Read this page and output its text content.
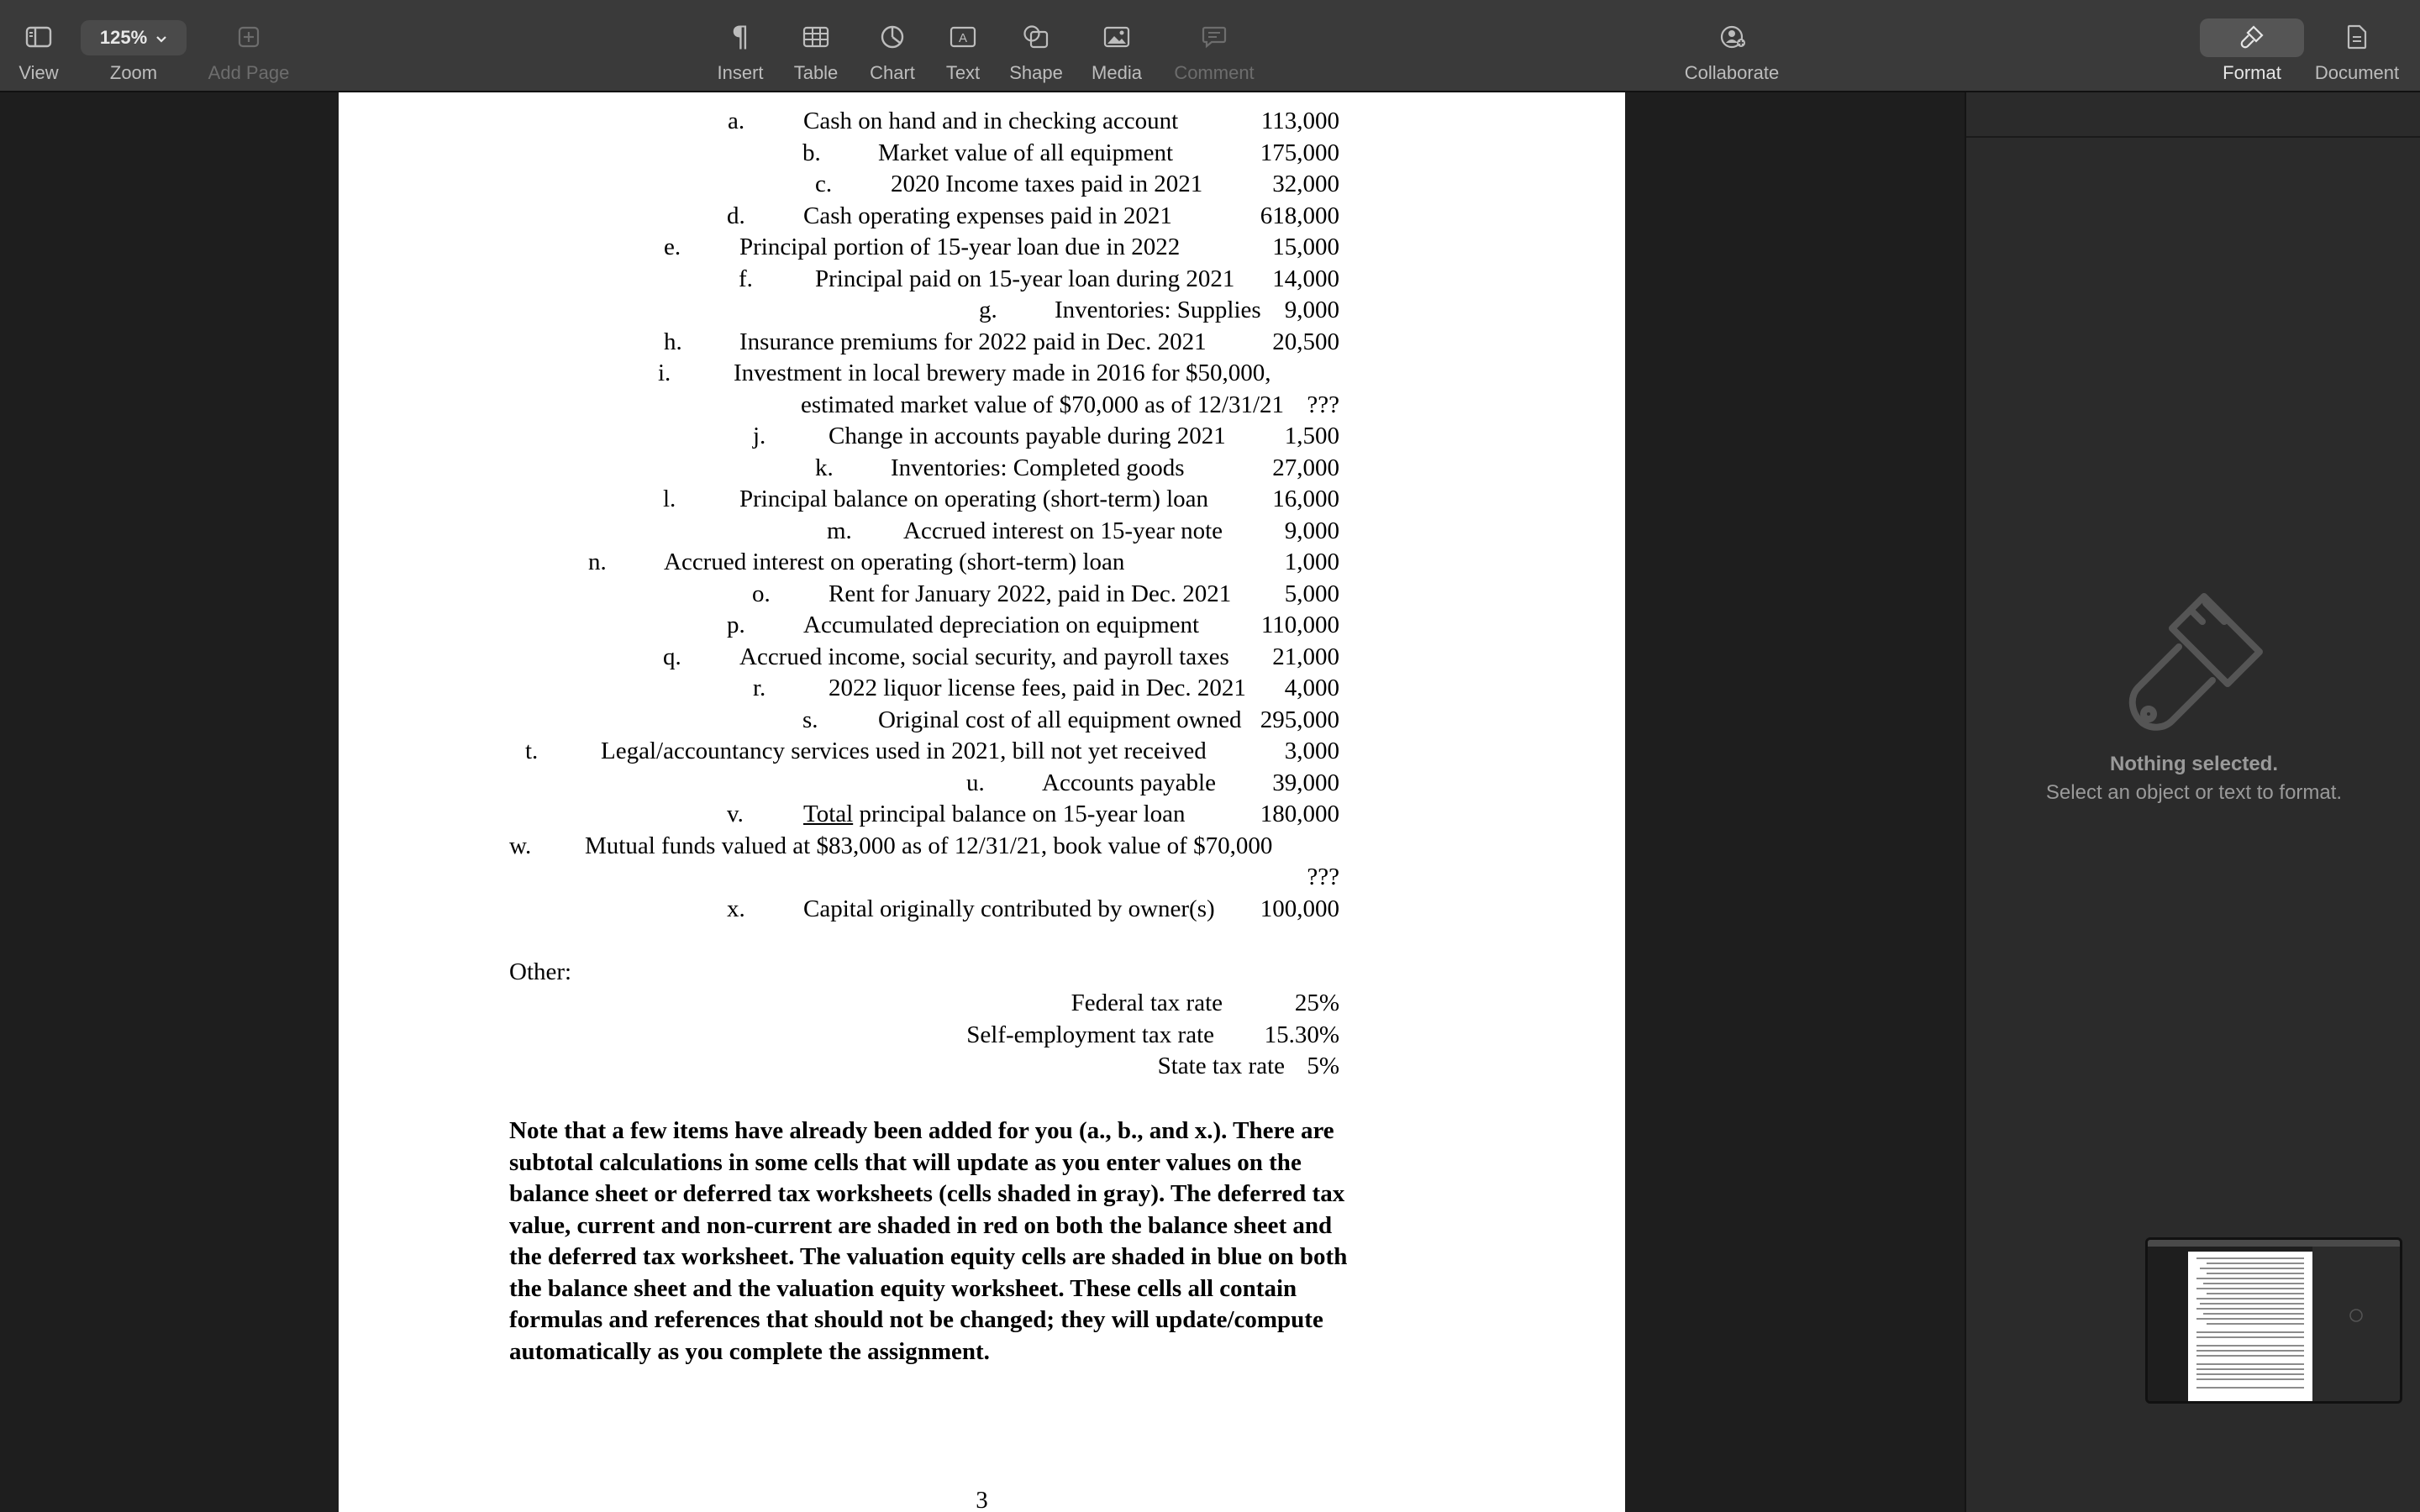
View
125%
Zoom	Add Page
¶
Insert Table Chart
A
Text Shape Media Comment	Collaborate	Format Document
a. Cash on hand and in checking account	113,000
b. Market value of all equipment	175,000
c. 2020 Income taxes paid in 2021	32,000
d. Cash operating expenses paid in 2021	618,000
e. Principal portion of 15-year loan due in 2022	15,000
f.	Principal paid on 15-year loan during 2021 14,000
g. Inventories: Supplies 9,000
h. Insurance premiums for 2022 paid in Dec. 2021	20,500
i.	Investment in local brewery made in 2016 for $50,000,
estimated market value of $70,000 as of 12/31/21 ???
j.	Change in accounts payable during 2021 1,500
k. Inventories: Completed goods	27,000
l.	Principal balance on operating (short-term) loan	16,000
m. Accrued interest on 15-year note	9,000
n. Accrued interest on operating (short-term) loan	1,000
o. Rent for January 2022, paid in Dec. 2021 5,000
p. Accumulated depreciation on equipment	110,000
q. Accrued income, social security, and payroll taxes 21,000
r.	2022 liquor license fees, paid in Dec. 2021 4,000
s. Original cost of all equipment owned 295,000
t.	Legal/accountancy services used in 2021, bill not yet received	3,000
u. Accounts payable 39,000
v. Total principal balance on 15-year loan	180,000
w. Mutual funds valued at $83,000 as of 12/31/21, book value of $70,000
???
x. Capital originally contributed by owner(s) 100,000
Other:
Federal tax rate	25%
Self-employment tax rate 15.30%
State tax rate 5%
Note that a few items have already been added for you (a., b., and x.). There are subtotal calculations in some cells that will update as you enter values on the balance sheet or deferred tax worksheets (cells shaded in gray). The deferred tax value, current and non-current are shaded in red on both the balance sheet and the deferred tax worksheet. The valuation equity cells are shaded in blue on both the balance sheet and the valuation equity worksheet. These cells all contain formulas and references that should not be changed; they will update/compute automatically as you complete the assignment.
3
Nothing selected.
Select an object or text to format.
